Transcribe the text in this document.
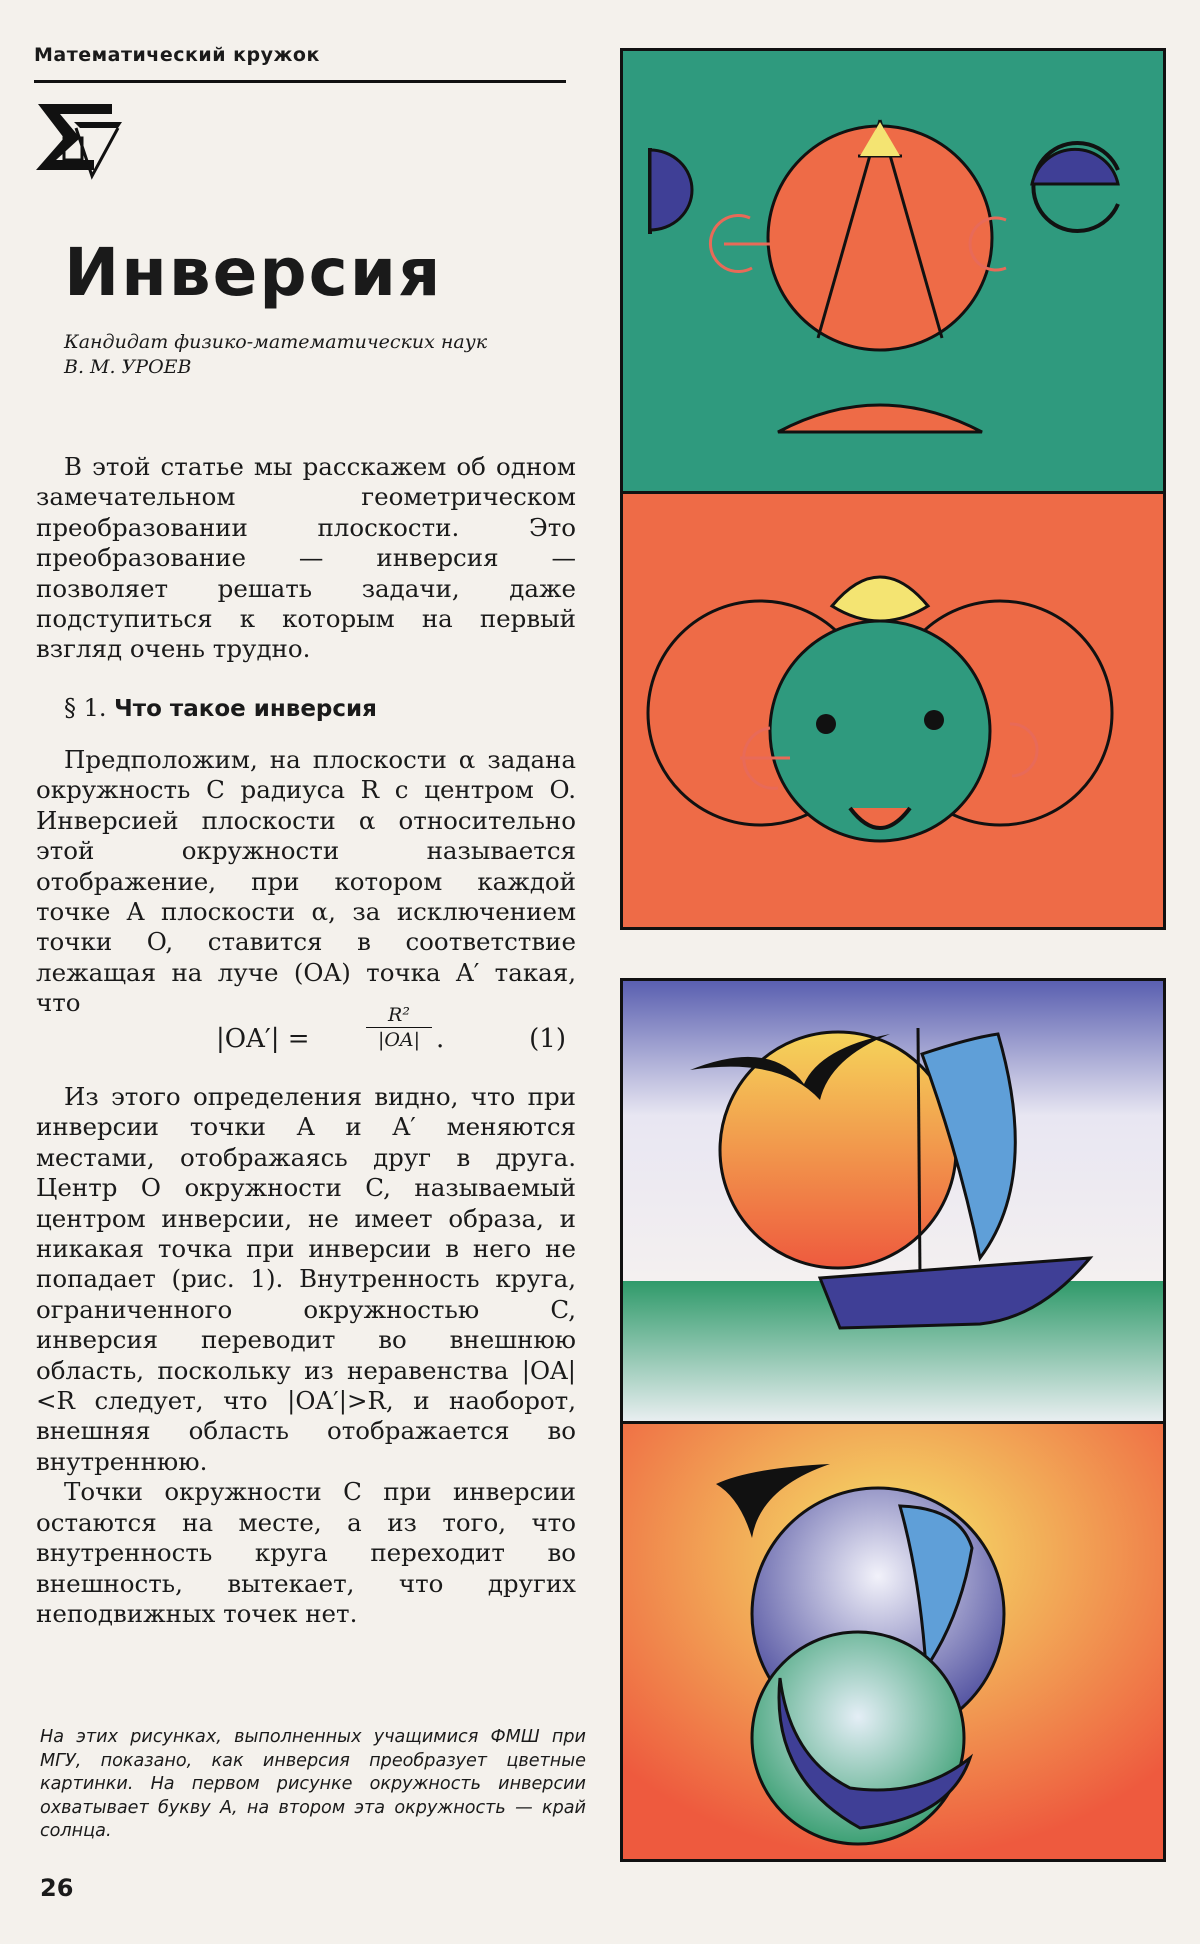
Математический кружок
Инверсия
Кандидат физико-математических наук
В. М. УРОЕВ

В этой статье мы расскажем об одном замечательном геометрическом преобразовании плоскости. Это преобразование — инверсия — позволяет решать задачи, даже подступиться к которым на первый взгляд очень трудно.

§ 1. Что такое инверсия

Предположим, на плоскости α задана окружность C радиуса R с центром O. Инверсией плоскости α относительно этой окружности называется отображение, при котором каждой точке A плоскости α, за исключением точки O, ставится в соответствие лежащая на луче (OA) точка A′ такая, что

|OA′| =	$\frac{\text{R²}}{|OA|}$ .	(1)

Из этого определения видно, что при инверсии точки A и A′ меняются местами, отображаясь друг в друга. Центр O окружности C, называемый центром инверсии, не имеет образа, и никакая точка при инверсии в него не попадает (рис. 1). Внутренность круга, ограниченного окружностью C, инверсия переводит во внешнюю область, поскольку из неравенства |OA|<R следует, что |OA′|>R, и наоборот, внешняя область отображается во внутреннюю.

Точки окружности C при инверсии остаются на месте, а из того, что внутренность круга переходит во внешность, вытекает, что других неподвижных точек нет.

На этих рисунках, выполненных учащимися ФМШ при МГУ, показано, как инверсия преобразует цветные картинки. На первом рисунке окружность инверсии охватывает букву А, на втором эта окружность — край солнца.
26
